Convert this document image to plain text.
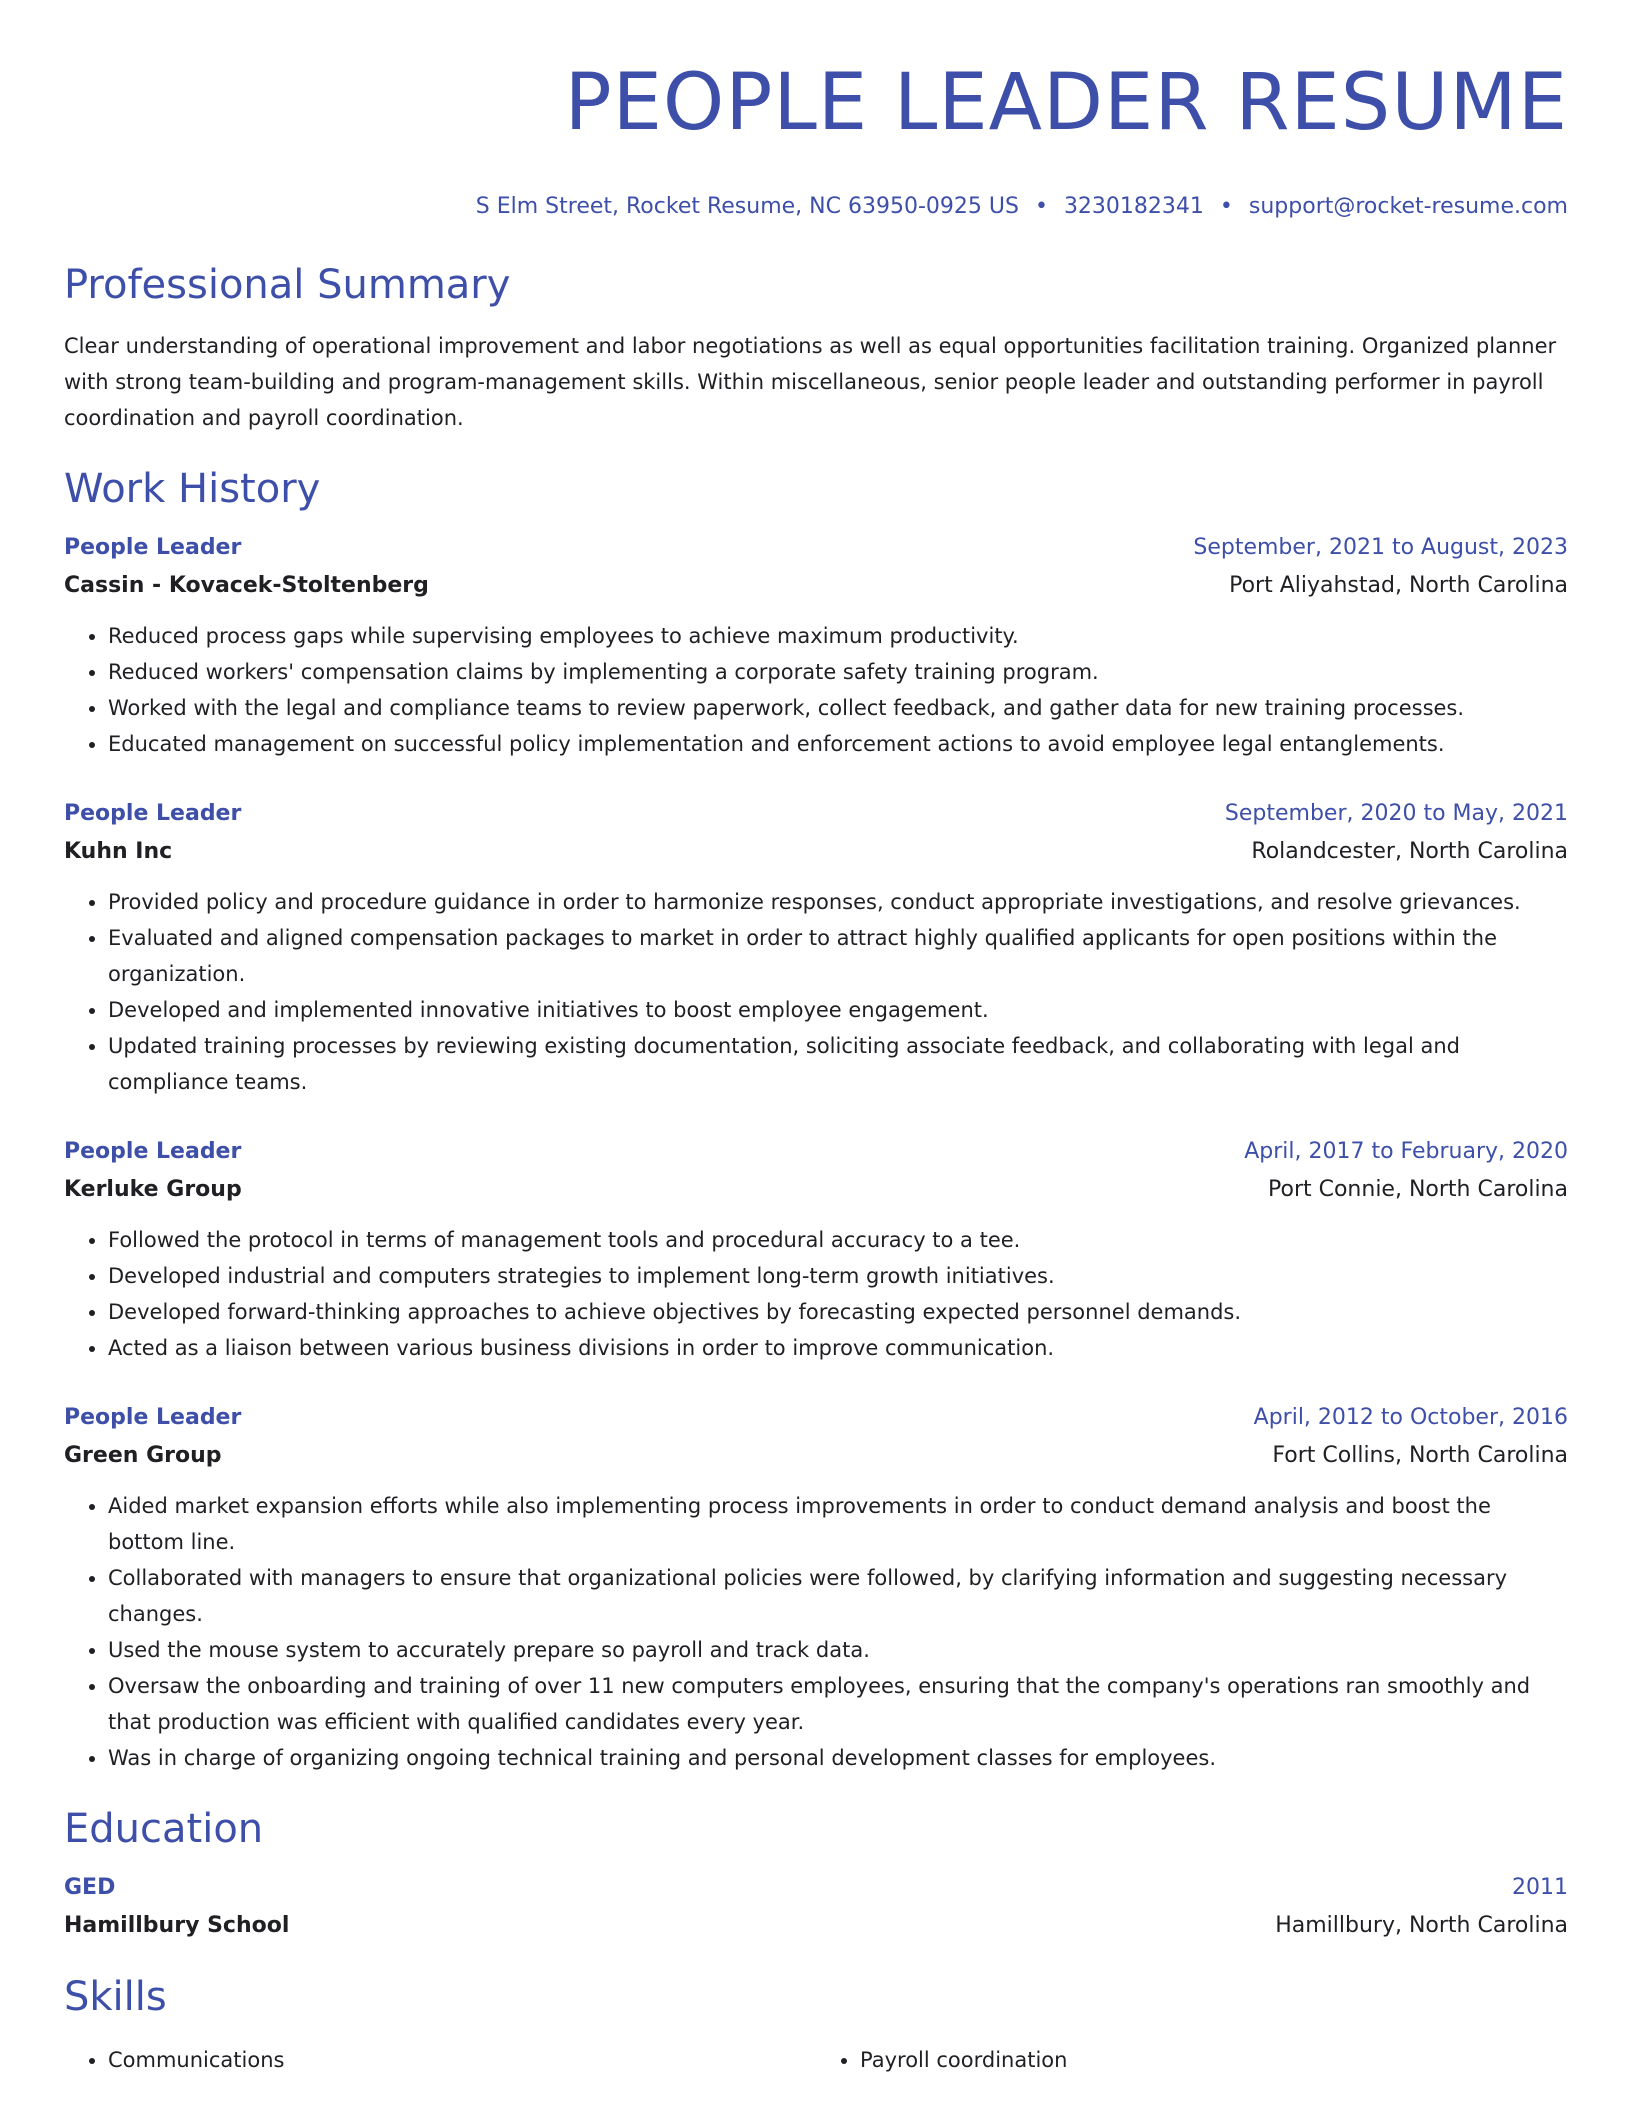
PEOPLE LEADER RESUME
S Elm Street, Rocket Resume, NC 63950-0925 US • 3230182341 • support@rocket-resume.com
Professional Summary
Clear understanding of operational improvement and labor negotiations as well as equal opportunities facilitation training. Organized planner with strong team-building and program-management skills. Within miscellaneous, senior people leader and outstanding performer in payroll coordination and payroll coordination.
Work History
People Leader	September, 2021 to August, 2023
Cassin - Kovacek-Stoltenberg	Port Aliyahstad, North Carolina
• Reduced process gaps while supervising employees to achieve maximum productivity.
• Reduced workers' compensation claims by implementing a corporate safety training program.
• Worked with the legal and compliance teams to review paperwork, collect feedback, and gather data for new training processes.
• Educated management on successful policy implementation and enforcement actions to avoid employee legal entanglements.
People Leader	September, 2020 to May, 2021
Kuhn Inc	Rolandcester, North Carolina
• Provided policy and procedure guidance in order to harmonize responses, conduct appropriate investigations, and resolve grievances.
• Evaluated and aligned compensation packages to market in order to attract highly qualified applicants for open positions within the organization.
• Developed and implemented innovative initiatives to boost employee engagement.
• Updated training processes by reviewing existing documentation, soliciting associate feedback, and collaborating with legal and compliance teams.
People Leader	April, 2017 to February, 2020
Kerluke Group	Port Connie, North Carolina
• Followed the protocol in terms of management tools and procedural accuracy to a tee.
• Developed industrial and computers strategies to implement long-term growth initiatives.
• Developed forward-thinking approaches to achieve objectives by forecasting expected personnel demands.
• Acted as a liaison between various business divisions in order to improve communication.
People Leader	April, 2012 to October, 2016
Green Group	Fort Collins, North Carolina
• Aided market expansion efforts while also implementing process improvements in order to conduct demand analysis and boost the bottom line.
• Collaborated with managers to ensure that organizational policies were followed, by clarifying information and suggesting necessary changes.
• Used the mouse system to accurately prepare so payroll and track data.
• Oversaw the onboarding and training of over 11 new computers employees, ensuring that the company's operations ran smoothly and that production was efficient with qualified candidates every year.
• Was in charge of organizing ongoing technical training and personal development classes for employees.
Education
GED	2011
Hamillbury School	Hamillbury, North Carolina
Skills
• Communications
•	Payroll coordination
